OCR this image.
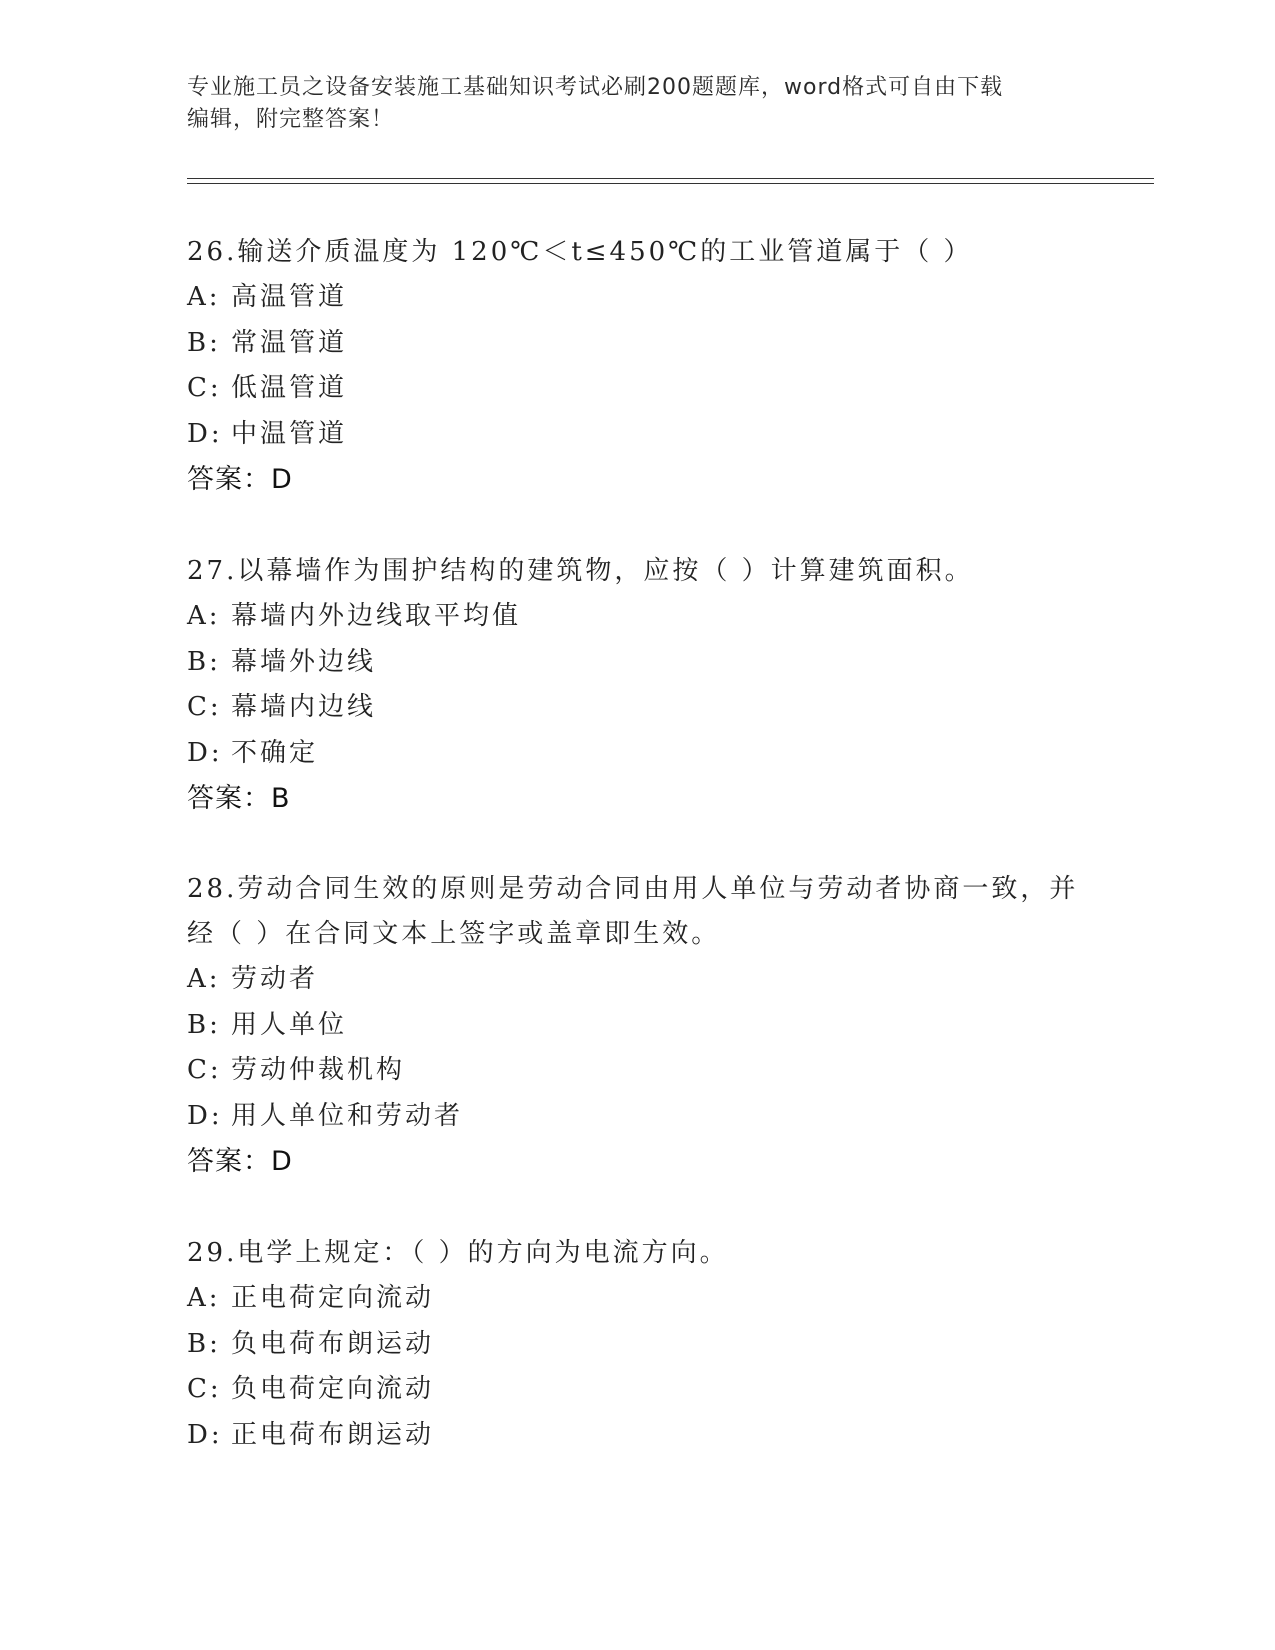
专业施工员之设备安装施工基础知识考试必刷200题题库，word格式可自由下载
编辑，附完整答案！
26.输送介质温度为 120℃＜t≤450℃的工业管道属于（ ）
A: 高温管道
B: 常温管道
C: 低温管道
D: 中温管道
答案：D
27.以幕墙作为围护结构的建筑物，应按（ ）计算建筑面积。
A: 幕墙内外边线取平均值
B: 幕墙外边线
C: 幕墙内边线
D: 不确定
答案：B
28.劳动合同生效的原则是劳动合同由用人单位与劳动者协商一致，并
经（ ）在合同文本上签字或盖章即生效。
A: 劳动者
B: 用人单位
C: 劳动仲裁机构
D: 用人单位和劳动者
答案：D
29.电学上规定：（ ）的方向为电流方向。
A: 正电荷定向流动
B: 负电荷布朗运动
C: 负电荷定向流动
D: 正电荷布朗运动
